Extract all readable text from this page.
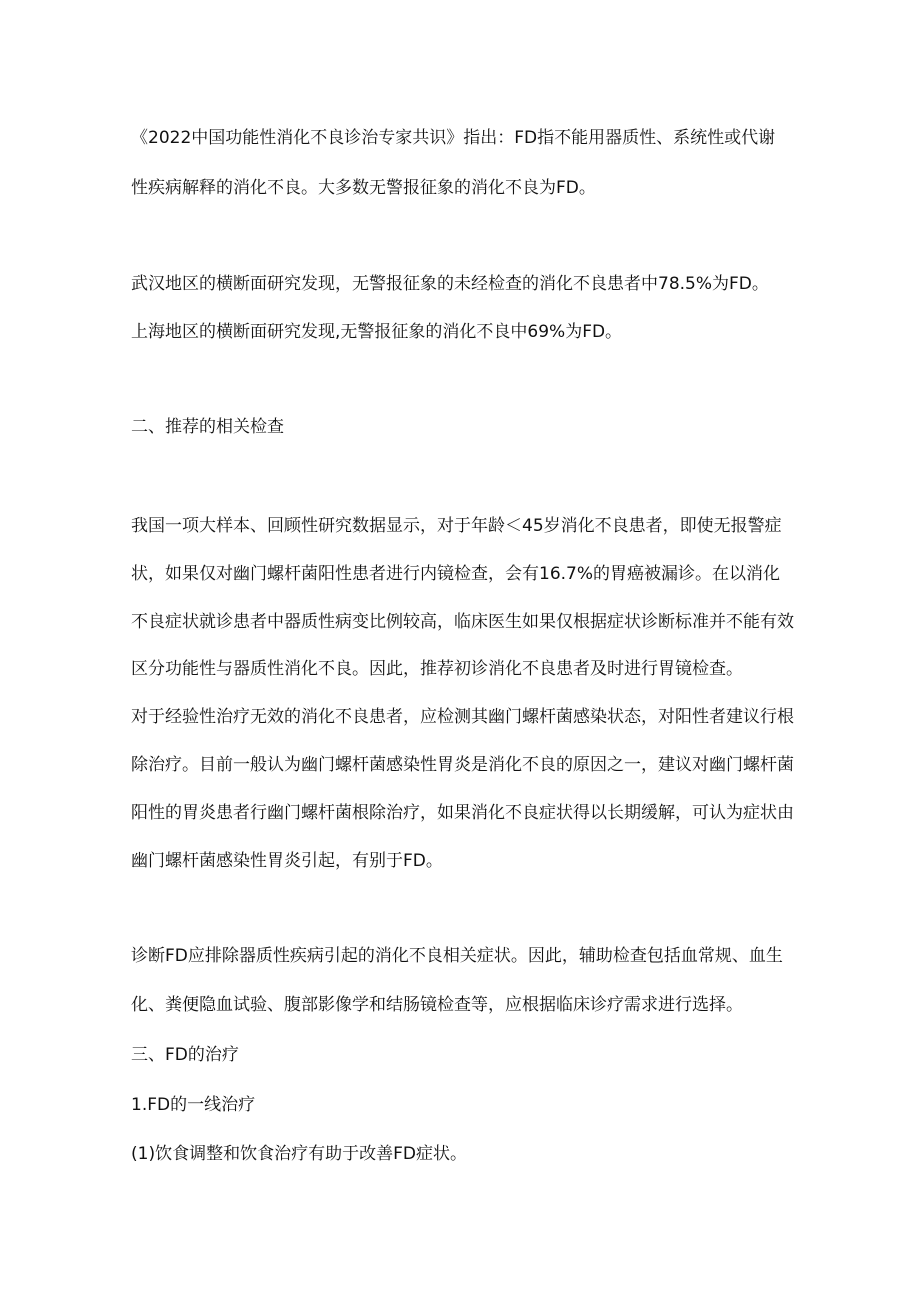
《2022中国功能性消化不良诊治专家共识》指出：FD指不能用器质性、系统性或代谢
性疾病解释的消化不良。大多数无警报征象的消化不良为FD。
武汉地区的横断面研究发现，无警报征象的未经检查的消化不良患者中78.5%为FD。
上海地区的横断面研究发现,无警报征象的消化不良中69%为FD。
二、推荐的相关检查
我国一项大样本、回顾性研究数据显示，对于年龄＜45岁消化不良患者，即使无报警症
状，如果仅对幽门螺杆菌阳性患者进行内镜检查，会有16.7%的胃癌被漏诊。在以消化
不良症状就诊患者中器质性病变比例较高，临床医生如果仅根据症状诊断标准并不能有效
区分功能性与器质性消化不良。因此，推荐初诊消化不良患者及时进行胃镜检查。
对于经验性治疗无效的消化不良患者，应检测其幽门螺杆菌感染状态，对阳性者建议行根
除治疗。目前一般认为幽门螺杆菌感染性胃炎是消化不良的原因之一，建议对幽门螺杆菌
阳性的胃炎患者行幽门螺杆菌根除治疗，如果消化不良症状得以长期缓解，可认为症状由
幽门螺杆菌感染性胃炎引起，有别于FD。
诊断FD应排除器质性疾病引起的消化不良相关症状。因此，辅助检查包括血常规、血生
化、粪便隐血试验、腹部影像学和结肠镜检查等，应根据临床诊疗需求进行选择。
三、FD的治疗
1.FD的一线治疗
(1)饮食调整和饮食治疗有助于改善FD症状。
